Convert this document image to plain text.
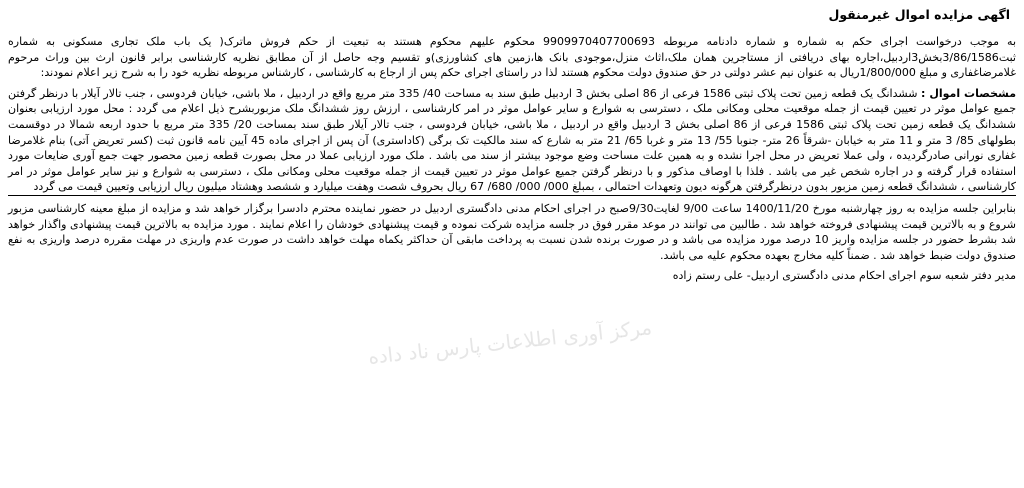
اگهی مزایده اموال غیرمنقول

به موجب درخواست اجرای حکم به شماره و شماره دادنامه مربوطه 9909970407700693 محکوم علیهم محکوم هستند به تبعیت از حکم فروش ماترک( یک باب ملک تجاری مسکونی به شماره ثبت3/86/1586بخش3اردبیل،اجاره بهای دریافتی از مستاجرین همان ملک،اثاث منزل،موجودی بانک ها،زمین های کشاورزی)و تقسیم وجه حاصل از آن مطابق نظریه کارشناسی برابر قانون ارث بین وراث مرحوم غلامرضاغفاری و مبلغ 1/800/000ریال به عنوان نیم عشر دولتی در حق صندوق دولت محکوم هستند لذا در راستای اجرای حکم پس از ارجاع به کارشناسی ، کارشناس مربوطه نظریه خود را به شرح زیر اعلام نمودند:

مشخصات اموال : ششدانگ یک قطعه زمین تحت پلاک ثبتی 1586 فرعی از 86 اصلی بخش 3 اردبیل طبق سند به مساحت 40/ 335 متر مربع واقع در اردبیل ، ملا باشی، خیابان فردوسی ، جنب تالار آیلار با درنظر گرفتن جمیع عوامل موثر در تعیین قیمت از جمله موقعیت محلی ومکانی ملک ، دسترسی به شوارع و سایر عوامل موثر در امر کارشناسی ، ارزش روز ششدانگ ملک مزبوربشرح ذیل اعلام می گردد : محل مورد ارزیابی بعنوان ششدانگ یک قطعه زمین تحت پلاک ثبتی 1586 فرعی از 86 اصلی بخش 3 اردبیل واقع در اردبیل ، ملا باشی، خیابان فردوسی ، جنب تالار آیلار طبق سند بمساحت 20/ 335 متر مربع با حدود اربعه شمالا در دوقسمت بطولهای 85/ 3 متر و 11 متر به خیابان -شرقاً 26 متر- جنوبا 55/ 13 متر و غربا 65/ 21 متر به شارع که سند مالکیت تک برگی (کاداستری) آن پس از اجرای ماده 45 آیین نامه قانون ثبت (کسر تعریض آتی) بنام غلامرضا غفاری نورانی صادرگردیده ، ولی عملا تعریض در محل اجرا نشده و به همین علت مساحت وضع موجود بیشتر از سند می باشد . ملک مورد ارزیابی عملا در محل بصورت قطعه زمین محصور جهت جمع آوری ضایعات مورد استفاده قرار گرفته و در اجاره شخص غیر می باشد . فلذا با اوصاف مذکور و با درنظر گرفتن جمیع عوامل موثر در تعیین قیمت از جمله موقعیت محلی ومکانی ملک ، دسترسی به شوارع و نیز سایر عوامل موثر در امر کارشناسی ، ششدانگ قطعه زمین مزبور بدون درنظرگرفتن هرگونه دیون وتعهدات احتمالی ، بمبلغ 000/ 000/ 680/ 67 ریال بحروف شصت وهفت میلیارد و ششصد وهشتاد میلیون ریال ارزیابی وتعیین قیمت می گردد

بنابراین جلسه مزایده به روز چهارشنبه مورخ 1400/11/20 ساعت 9/00 لغایت9/30صبح در اجرای احکام مدنی دادگستری اردبیل در حضور نماینده محترم دادسرا برگزار خواهد شد و مزایده از مبلغ معینه کارشناسی مزبور شروع و به بالاترین قیمت پیشنهادی فروخته خواهد شد . طالبین می توانند در موعد مقرر فوق در جلسه مزایده شرکت نموده و قیمت پیشنهادی خودشان را اعلام نمایند . مورد مزایده به بالاترین قیمت پیشنهادی واگذار خواهد شد بشرط حضور در جلسه مزایده واریز 10 درصد مورد مزایده می باشد و در صورت برنده شدن نسبت به پرداخت مابقی آن حداکثر یکماه مهلت خواهد داشت در صورت عدم واریزی در مهلت مقرره درصد واریزی به نفع صندوق دولت ضبط خواهد شد . ضمناً کلیه مخارج بعهده محکوم علیه می باشد.

مدیر دفتر شعبه سوم اجرای احکام مدنی دادگستری اردبیل- علی رستم زاده
مرکز آوری اطلاعات پارس ناد داده
